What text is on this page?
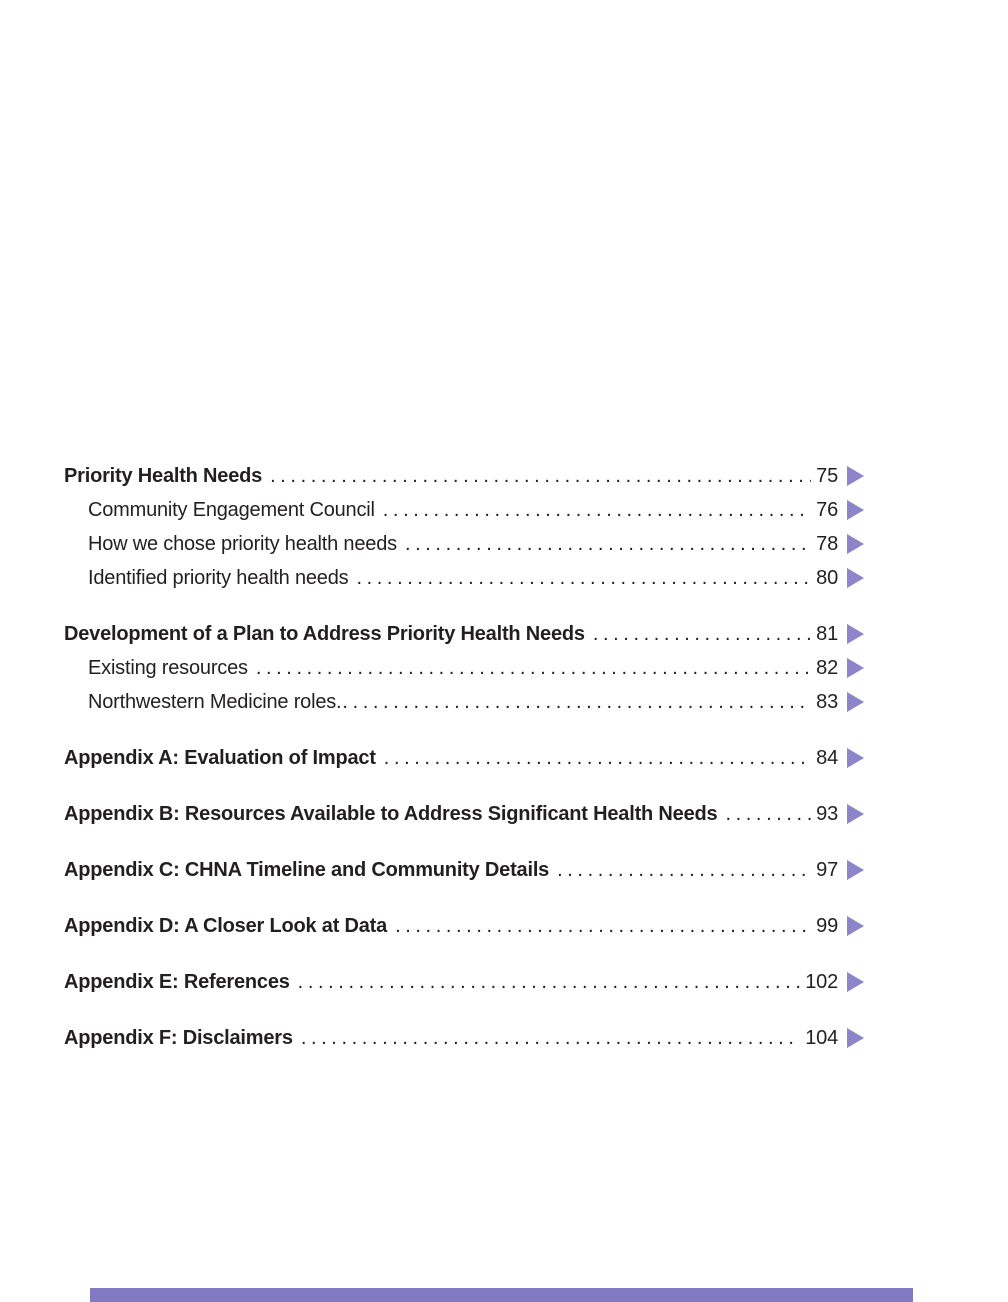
Priority Health Needs .....	75
Community Engagement Council .....	76
How we chose priority health needs .....	78
Identified priority health needs .....	80
Development of a Plan to Address Priority Health Needs .....	81
Existing resources .....	82
Northwestern Medicine roles. .....	83
Appendix A: Evaluation of Impact .....	84
Appendix B: Resources Available to Address Significant Health Needs .....	93
Appendix C: CHNA Timeline and Community Details .....	97
Appendix D: A Closer Look at Data .....	99
Appendix E: References .....	102
Appendix F: Disclaimers .....	104
